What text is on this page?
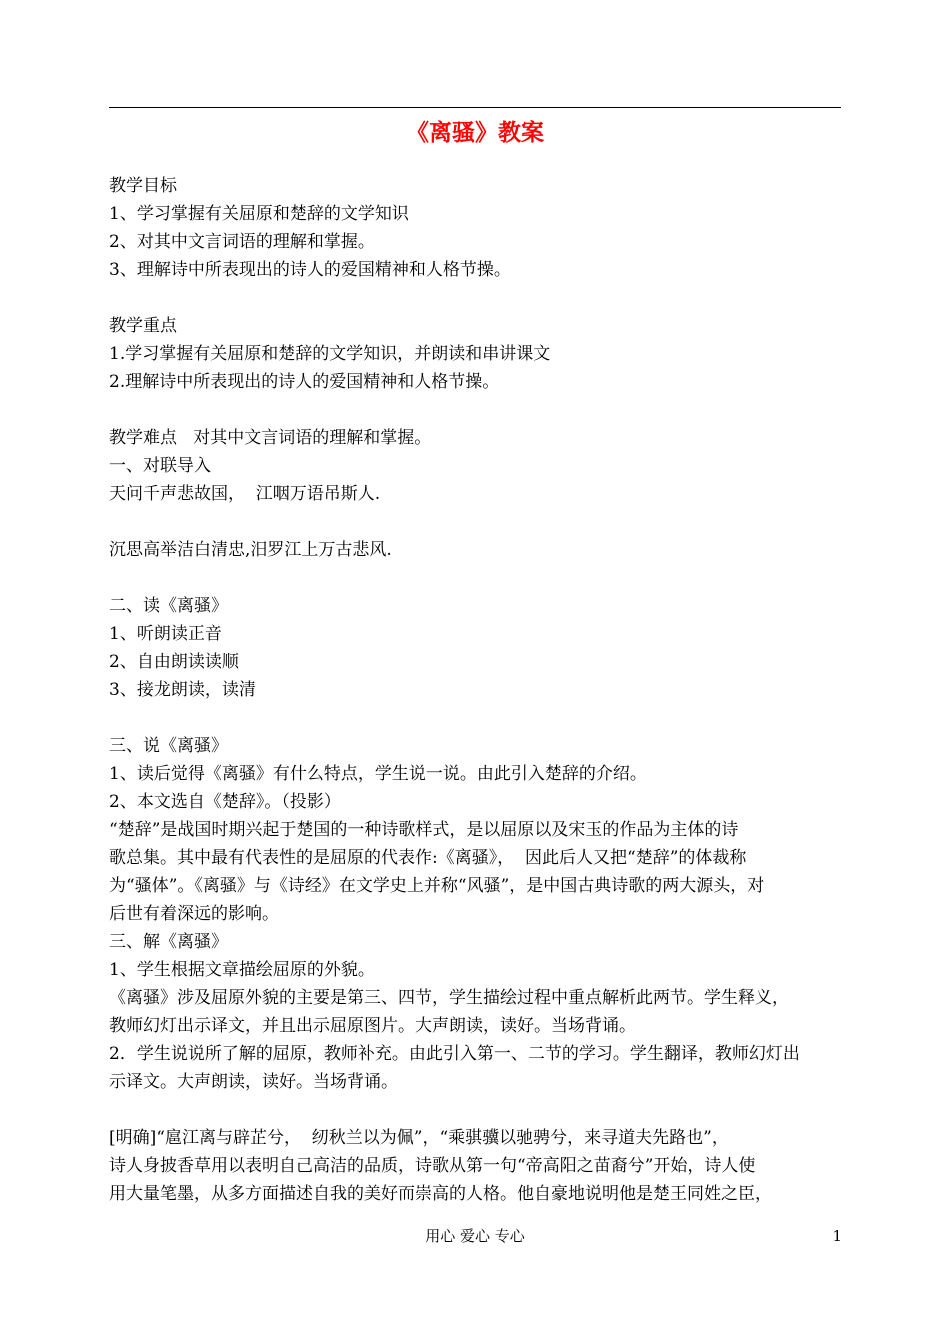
《离骚》教案
教学目标
1、学习掌握有关屈原和楚辞的文学知识
2、对其中文言词语的理解和掌握。
3、理解诗中所表现出的诗人的爱国精神和人格节操。
教学重点
1.学习掌握有关屈原和楚辞的文学知识，并朗读和串讲课文
2.理解诗中所表现出的诗人的爱国精神和人格节操。
教学难点   对其中文言词语的理解和掌握。
一、对联导入
天问千声悲故国，  江咽万语吊斯人.
沉思高举洁白清忠,汨罗江上万古悲风.
二、读《离骚》
1、听朗读正音
2、自由朗读读顺
3、接龙朗读，读清
三、说《离骚》
1、读后觉得《离骚》有什么特点，学生说一说。由此引入楚辞的介绍。
2、本文选自《楚辞》。（投影）
“楚辞”是战国时期兴起于楚国的一种诗歌样式，是以屈原以及宋玉的作品为主体的诗
歌总集。其中最有代表性的是屈原的代表作:《离骚》，  因此后人又把“楚辞”的体裁称
为“骚体”。《离骚》与《诗经》在文学史上并称“风骚”，是中国古典诗歌的两大源头，对
后世有着深远的影响。
三、解《离骚》
1、学生根据文章描绘屈原的外貌。
《离骚》涉及屈原外貌的主要是第三、四节，学生描绘过程中重点解析此两节。学生释义，
教师幻灯出示译文，并且出示屈原图片。大声朗读，读好。当场背诵。
2．学生说说所了解的屈原，教师补充。由此引入第一、二节的学习。学生翻译，教师幻灯出
示译文。大声朗读，读好。当场背诵。
[明确]“扈江离与辟芷兮，  纫秋兰以为佩”，“乘骐骥以驰骋兮，来寻道夫先路也”，
诗人身披香草用以表明自己高洁的品质，诗歌从第一句“帝高阳之苗裔兮”开始，诗人使
用大量笔墨，从多方面描述自我的美好而崇高的人格。他自豪地说明他是楚王同姓之臣，
用心 爱心 专心	1
